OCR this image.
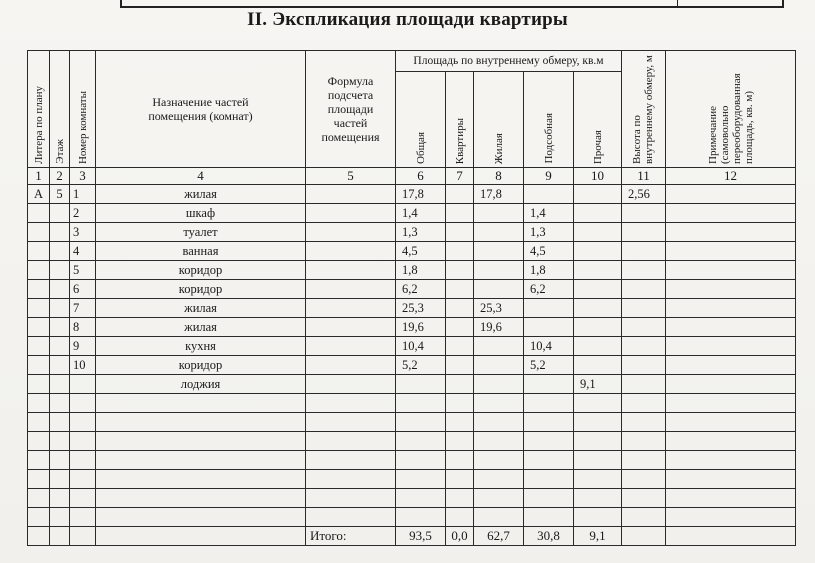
II. Экспликация площади квартиры
Литера по плану	Этаж	Номер комнаты	Назначение частей помещения (комнат)	Формула подсчета площади частей помещения	Площадь по внутреннему обмеру, кв.м					Высота по внутреннему обмеру, м	Примечание (самовольно переоборудованная площадь, кв. м)

					Общая	Квартиры	Жилая	Подсобная	Прочая		

1	2	3	4	5	6	7	8	9	10	11	12
А	5	1	жилая		17,8		17,8			2,56	
		2	шкаф		1,4			1,4			
		3	туалет		1,3			1,3			
		4	ванная		4,5			4,5			
		5	коридор		1,8			1,8			
		6	коридор		6,2			6,2			
		7	жилая		25,3		25,3				
		8	жилая		19,6		19,6				
		9	кухня		10,4			10,4			
		10	коридор		5,2			5,2			
			лоджия						9,1		

				Итого:	93,5	0,0	62,7	30,8	9,1		
